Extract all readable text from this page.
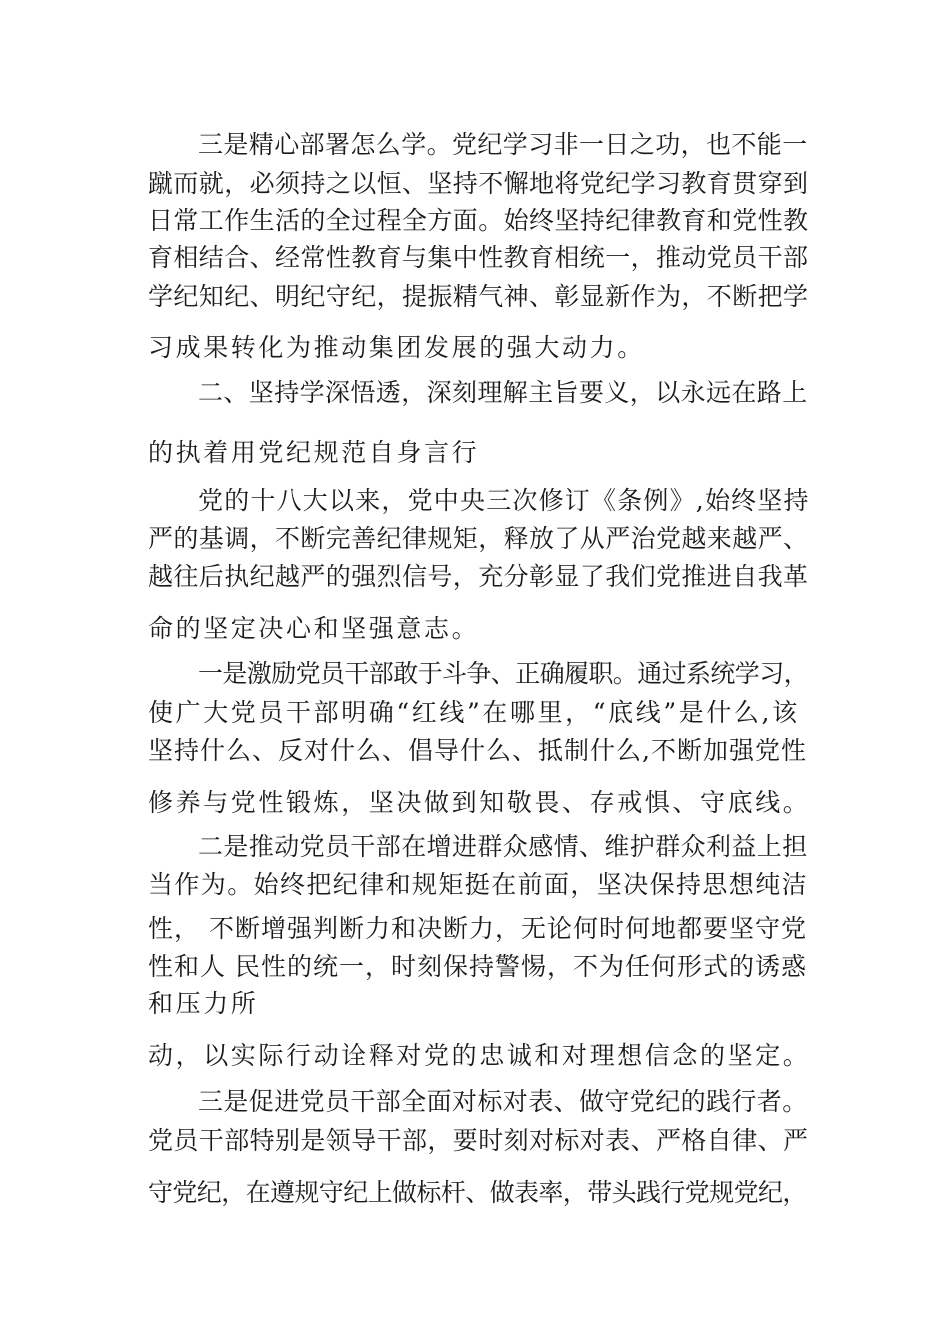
三是精心部署怎么学。党纪学习非一日之功，也不能一
蹴而就，必须持之以恒、坚持不懈地将党纪学习教育贯穿到
日常工作生活的全过程全方面。始终坚持纪律教育和党性教
育相结合、经常性教育与集中性教育相统一，推动党员干部
学纪知纪、明纪守纪，提振精气神、彰显新作为，不断把学
习成果转化为推动集团发展的强大动力。
二、坚持学深悟透，深刻理解主旨要义，以永远在路上
的执着用党纪规范自身言行
党的十八大以来，党中央三次修订《条例》,始终坚持
严的基调，不断完善纪律规矩，释放了从严治党越来越严、
越往后执纪越严的强烈信号，充分彰显了我们党推进自我革
命的坚定决心和坚强意志。
一是激励党员干部敢于斗争、正确履职。通过系统学习，
使广大党员干部明确“红线”在哪里，“底线”是什么,该
坚持什么、反对什么、倡导什么、抵制什么,不断加强党性
修养与党性锻炼，坚决做到知敬畏、存戒惧、守底线。
二是推动党员干部在增进群众感情、维护群众利益上担
当作为。始终把纪律和规矩挺在前面，坚决保持思想纯洁
性， 不断增强判断力和决断力，无论何时何地都要坚守党
性和人 民性的统一，时刻保持警惕，不为任何形式的诱惑
和压力所
动，以实际行动诠释对党的忠诚和对理想信念的坚定。
三是促进党员干部全面对标对表、做守党纪的践行者。
党员干部特别是领导干部，要时刻对标对表、严格自律、严
守党纪，在遵规守纪上做标杆、做表率，带头践行党规党纪，
